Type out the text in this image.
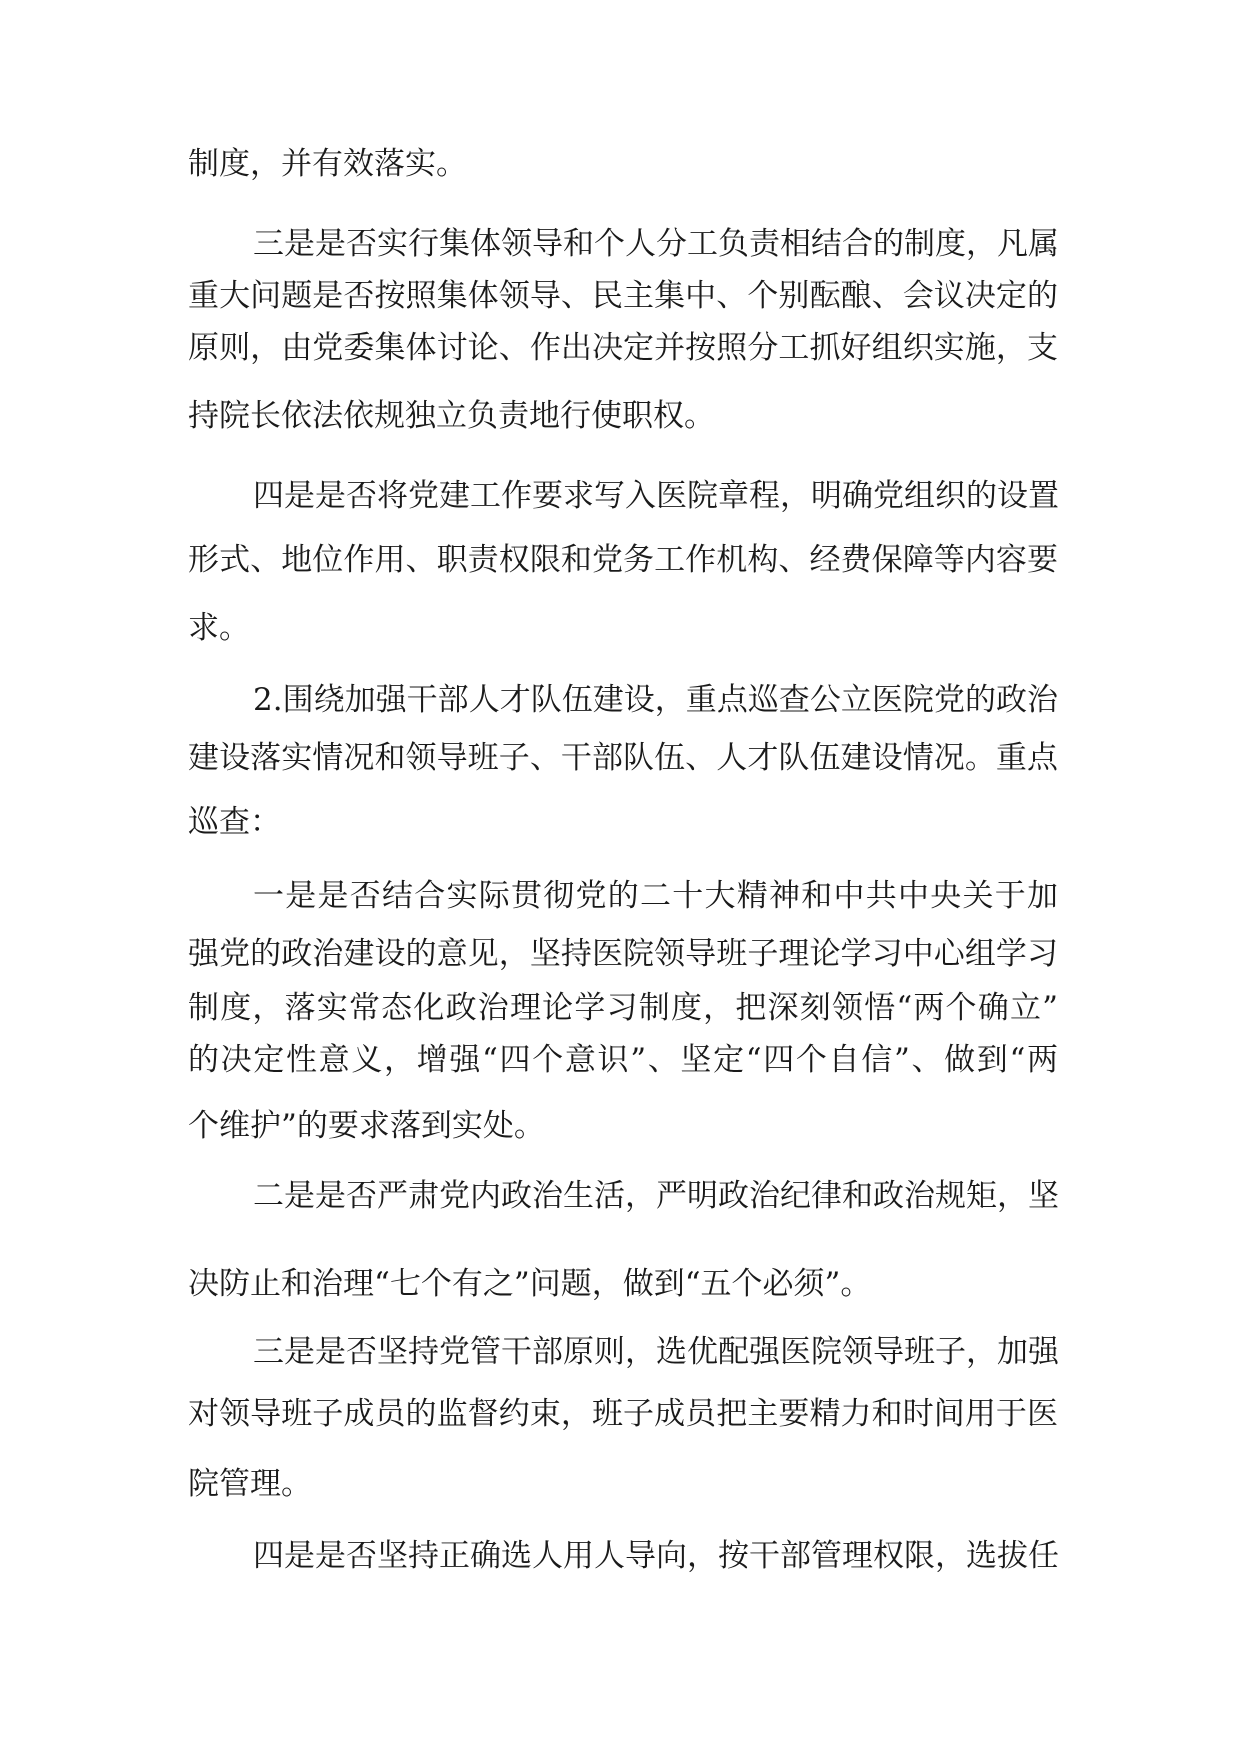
制度，并有效落实。
三是是否实行集体领导和个人分工负责相结合的制度，凡属
重大问题是否按照集体领导、民主集中、个别酝酿、会议决定的
原则，由党委集体讨论、作出决定并按照分工抓好组织实施，支
持院长依法依规独立负责地行使职权。
四是是否将党建工作要求写入医院章程，明确党组织的设置
形式、地位作用、职责权限和党务工作机构、经费保障等内容要
求。
2.围绕加强干部人才队伍建设，重点巡查公立医院党的政治
建设落实情况和领导班子、干部队伍、人才队伍建设情况。重点
巡查：
一是是否结合实际贯彻党的二十大精神和中共中央关于加
强党的政治建设的意见，坚持医院领导班子理论学习中心组学习
制度，落实常态化政治理论学习制度，把深刻领悟“两个确立”
的决定性意义，增强“四个意识”、坚定“四个自信”、做到“两
个维护”的要求落到实处。
二是是否严肃党内政治生活，严明政治纪律和政治规矩，坚
决防止和治理“七个有之”问题，做到“五个必须”。
三是是否坚持党管干部原则，选优配强医院领导班子，加强
对领导班子成员的监督约束，班子成员把主要精力和时间用于医
院管理。
四是是否坚持正确选人用人导向，按干部管理权限，选拔任
